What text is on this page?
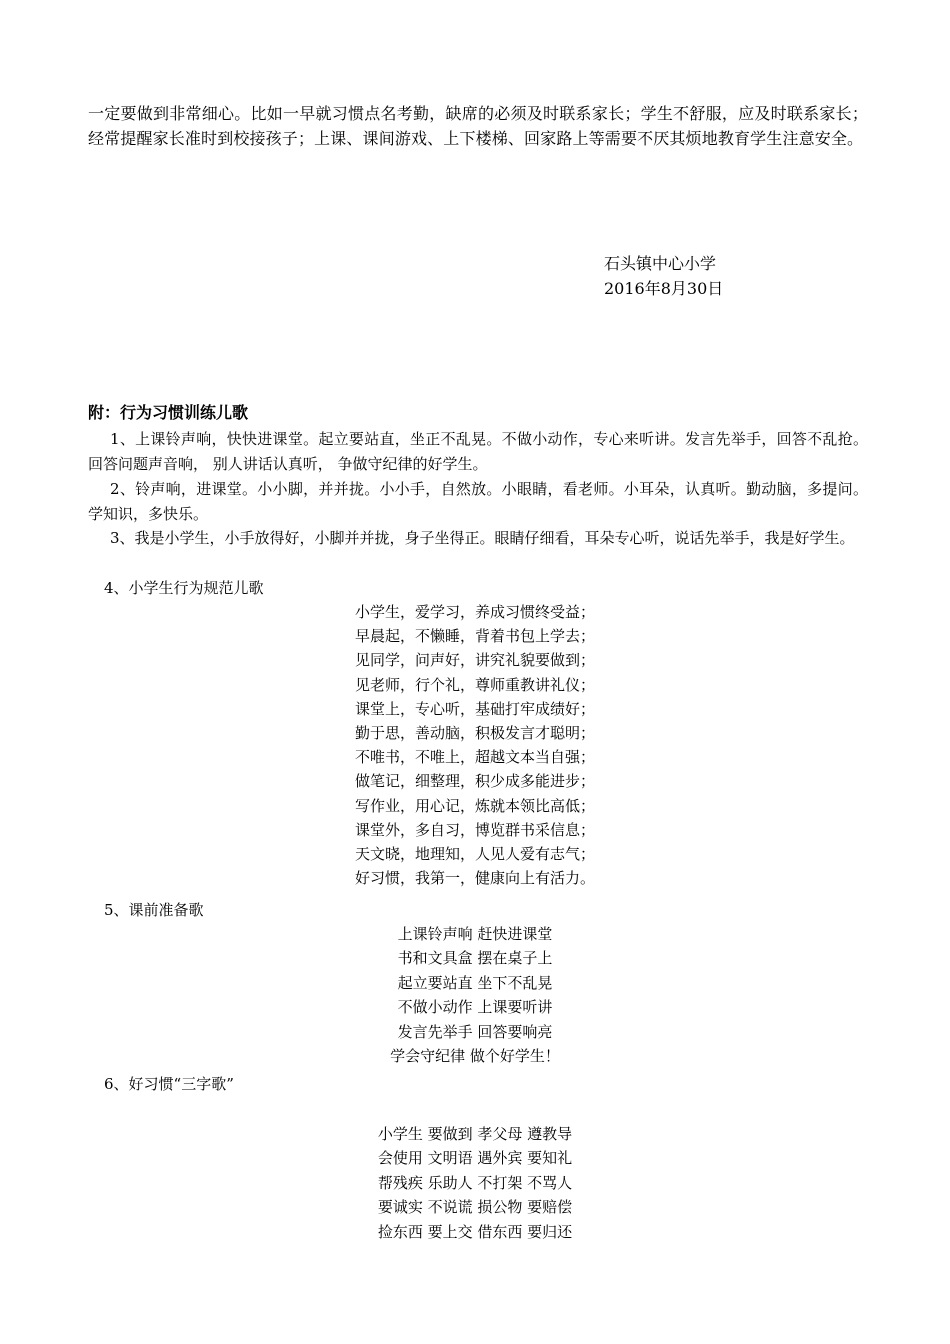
一定要做到非常细心。比如一早就习惯点名考勤，缺席的必须及时联系家长；学生不舒服，应及时联系家长；经常提醒家长准时到校接孩子；上课、课间游戏、上下楼梯、回家路上等需要不厌其烦地教育学生注意安全。

石头镇中心小学

2016年8月30日

附：行为习惯训练儿歌

1、上课铃声响，快快进课堂。起立要站直，坐正不乱晃。不做小动作，专心来听讲。发言先举手，回答不乱抢。 回答问题声音响， 别人讲话认真听， 争做守纪律的好学生。

2、铃声响，进课堂。小小脚，并并拢。小小手，自然放。小眼睛，看老师。小耳朵，认真听。勤动脑，多提问。 学知识，多快乐。

3、我是小学生，小手放得好，小脚并并拢，身子坐得正。眼睛仔细看，耳朵专心听，说话先举手，我是好学生。

4、小学生行为规范儿歌

小学生，爱学习，养成习惯终受益；
早晨起，不懒睡，背着书包上学去；
见同学，问声好，讲究礼貌要做到；
见老师，行个礼，尊师重教讲礼仪；
课堂上，专心听，基础打牢成绩好；
勤于思，善动脑，积极发言才聪明；
不唯书，不唯上，超越文本当自强；
做笔记，细整理，积少成多能进步；
写作业，用心记，炼就本领比高低；
课堂外，多自习，博览群书采信息；
天文晓，地理知，人见人爱有志气；
好习惯，我第一，健康向上有活力。

5、课前准备歌

上课铃声响 赶快进课堂
书和文具盒 摆在桌子上
起立要站直 坐下不乱晃
不做小动作 上课要听讲
发言先举手 回答要响亮
学会守纪律 做个好学生！

6、好习惯“三字歌”

小学生 要做到 孝父母 遵教导
会使用 文明语 遇外宾 要知礼
帮残疾 乐助人 不打架 不骂人
要诚实 不说谎 损公物 要赔偿
捡东西 要上交 借东西 要归还
